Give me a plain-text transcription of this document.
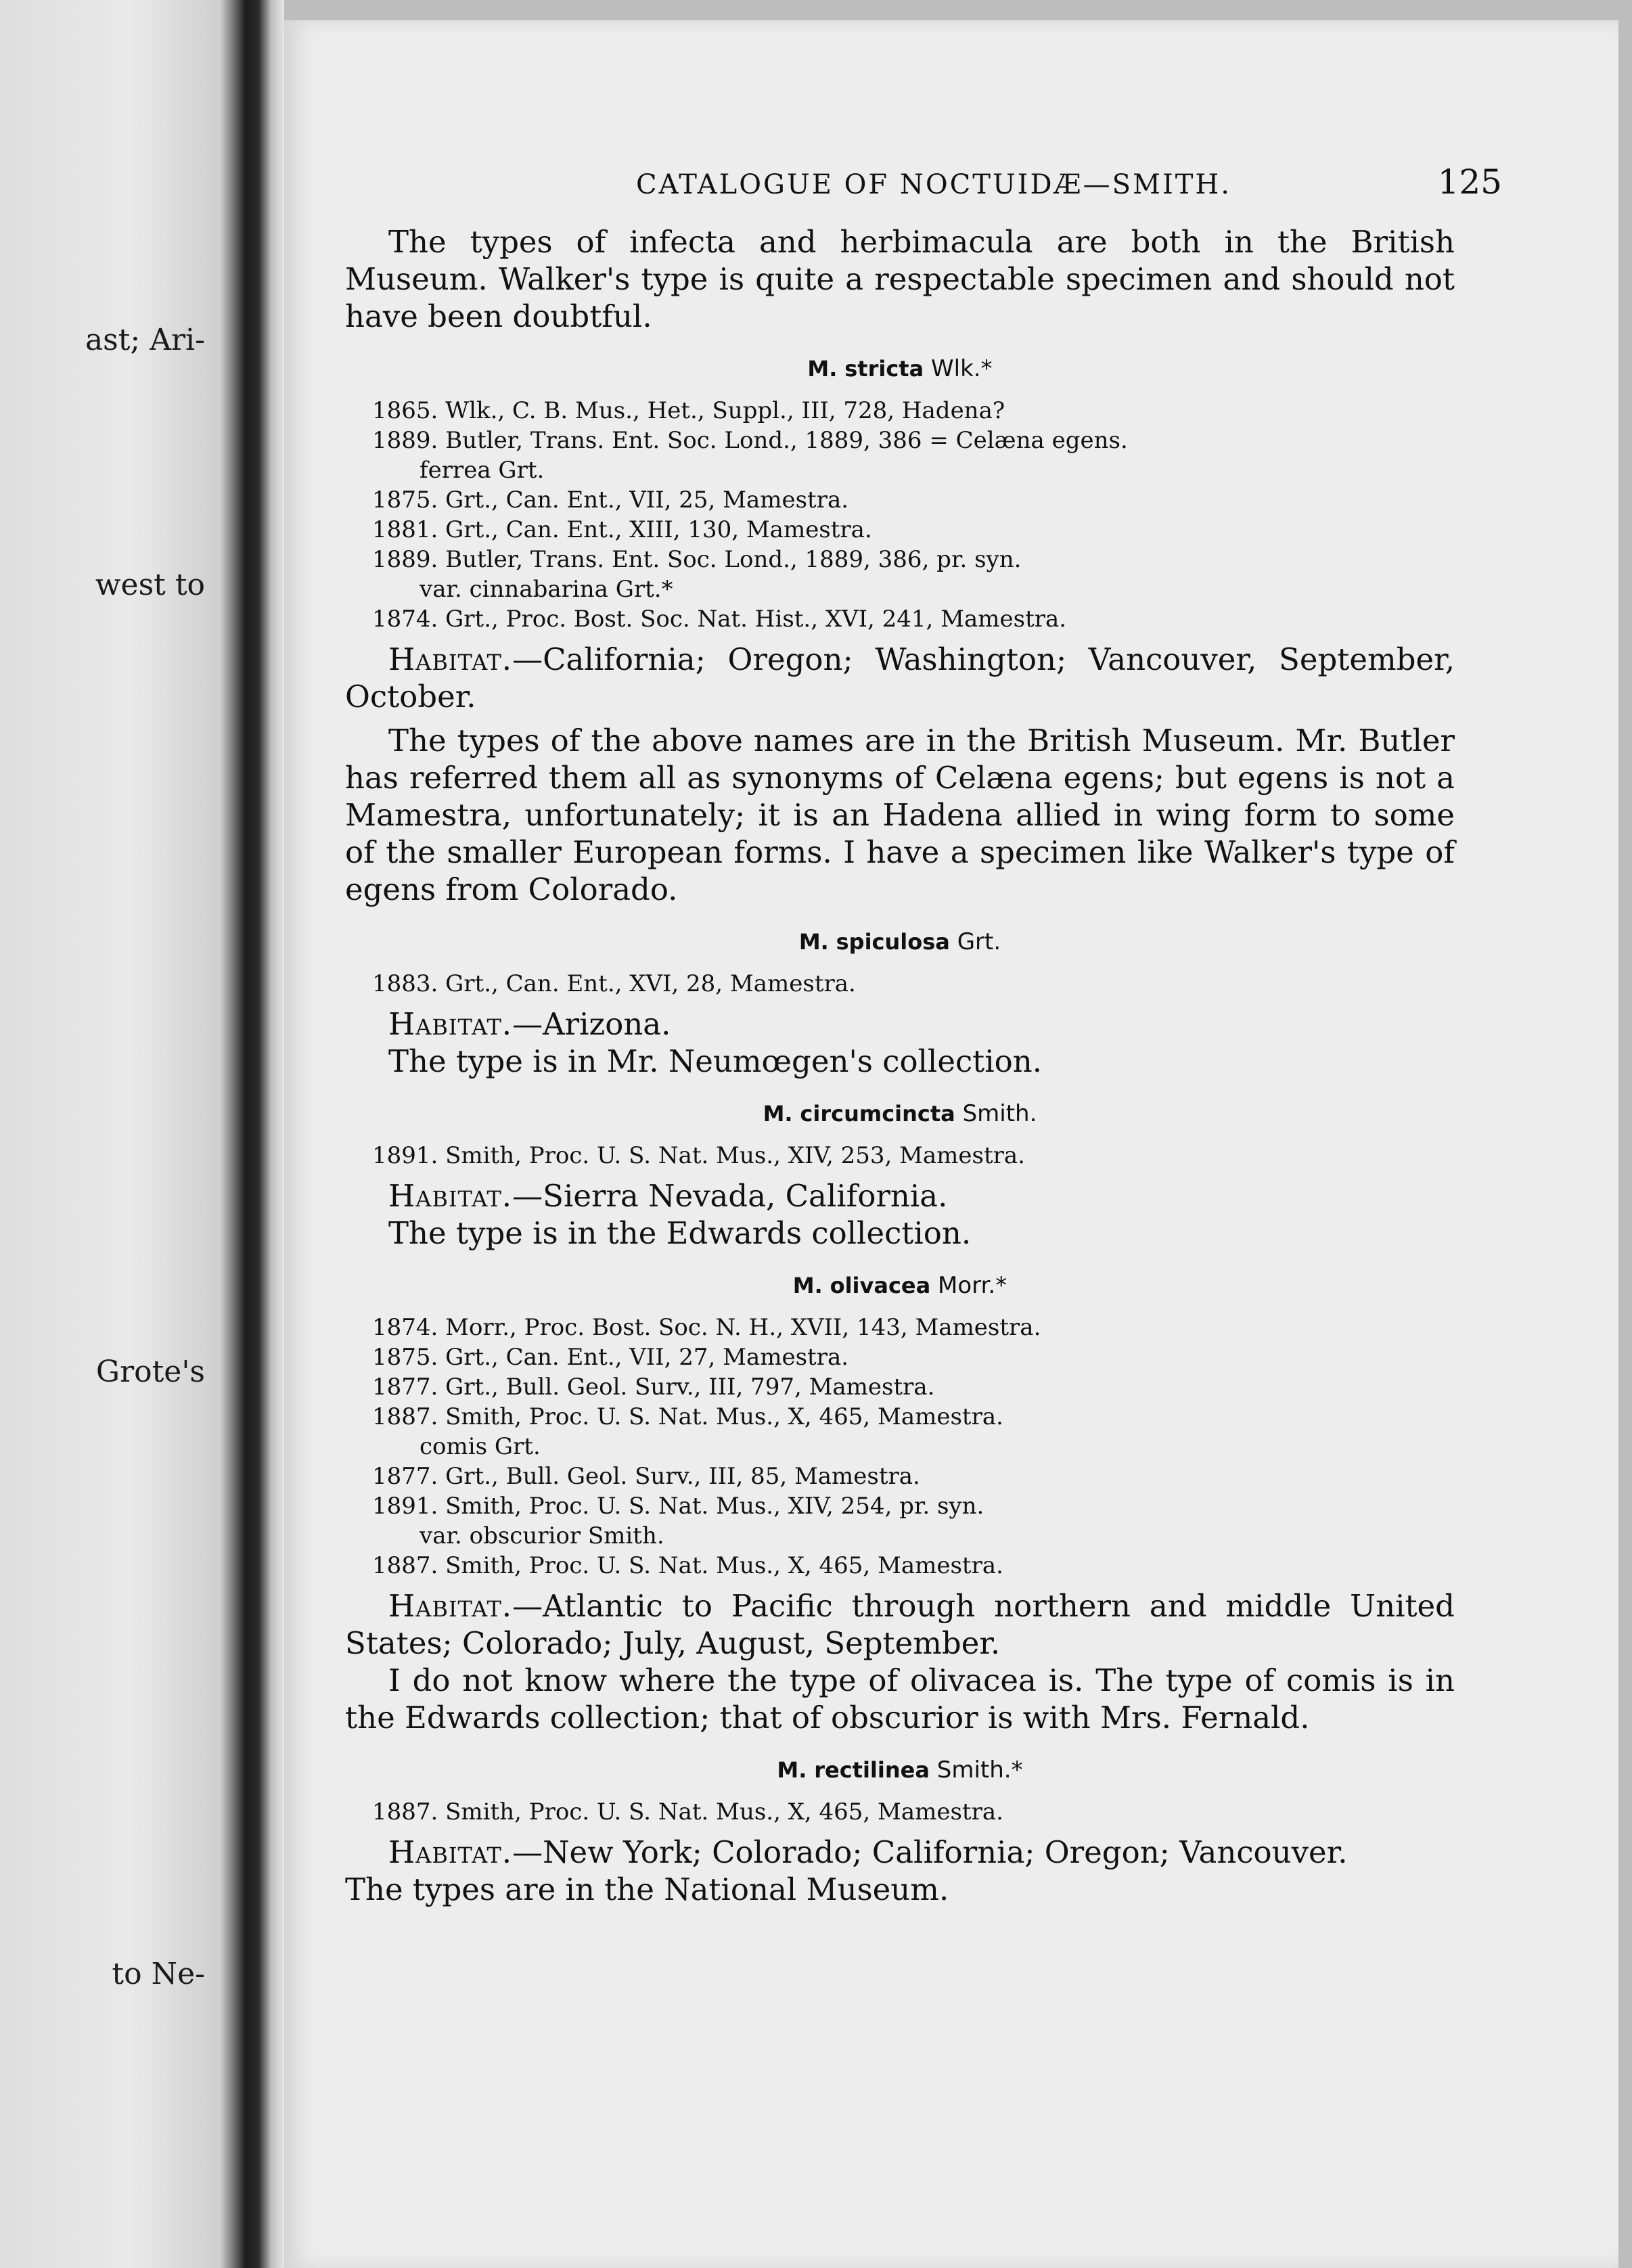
ast; Ari-
west to
Grote's
to Ne-
CATALOGUE OF NOCTUIDÆ—SMITH.	125

The types of infecta and herbimacula are both in the British Museum. Walker's type is quite a respectable specimen and should not have been doubtful.

M. stricta Wlk.*
1865. Wlk., C. B. Mus., Het., Suppl., III, 728, Hadena?
1889. Butler, Trans. Ent. Soc. Lond., 1889, 386 = Celæna egens.
ferrea Grt.
1875. Grt., Can. Ent., VII, 25, Mamestra.
1881. Grt., Can. Ent., XIII, 130, Mamestra.
1889. Butler, Trans. Ent. Soc. Lond., 1889, 386, pr. syn.
var. cinnabarina Grt.*
1874. Grt., Proc. Bost. Soc. Nat. Hist., XVI, 241, Mamestra.

Habitat.—California; Oregon; Washington; Vancouver, September, October.

The types of the above names are in the British Museum. Mr. Butler has referred them all as synonyms of Celæna egens; but egens is not a Mamestra, unfortunately; it is an Hadena allied in wing form to some of the smaller European forms. I have a specimen like Walker's type of egens from Colorado.

M. spiculosa Grt.
1883. Grt., Can. Ent., XVI, 28, Mamestra.

Habitat.—Arizona.

The type is in Mr. Neumœgen's collection.

M. circumcincta Smith.
1891. Smith, Proc. U. S. Nat. Mus., XIV, 253, Mamestra.

Habitat.—Sierra Nevada, California.

The type is in the Edwards collection.

M. olivacea Morr.*
1874. Morr., Proc. Bost. Soc. N. H., XVII, 143, Mamestra.
1875. Grt., Can. Ent., VII, 27, Mamestra.
1877. Grt., Bull. Geol. Surv., III, 797, Mamestra.
1887. Smith, Proc. U. S. Nat. Mus., X, 465, Mamestra.
comis Grt.
1877. Grt., Bull. Geol. Surv., III, 85, Mamestra.
1891. Smith, Proc. U. S. Nat. Mus., XIV, 254, pr. syn.
var. obscurior Smith.
1887. Smith, Proc. U. S. Nat. Mus., X, 465, Mamestra.

Habitat.—Atlantic to Pacific through northern and middle United States; Colorado; July, August, September.

I do not know where the type of olivacea is. The type of comis is in the Edwards collection; that of obscurior is with Mrs. Fernald.

M. rectilinea Smith.*
1887. Smith, Proc. U. S. Nat. Mus., X, 465, Mamestra.

Habitat.—New York; Colorado; California; Oregon; Vancouver.

The types are in the National Museum.
